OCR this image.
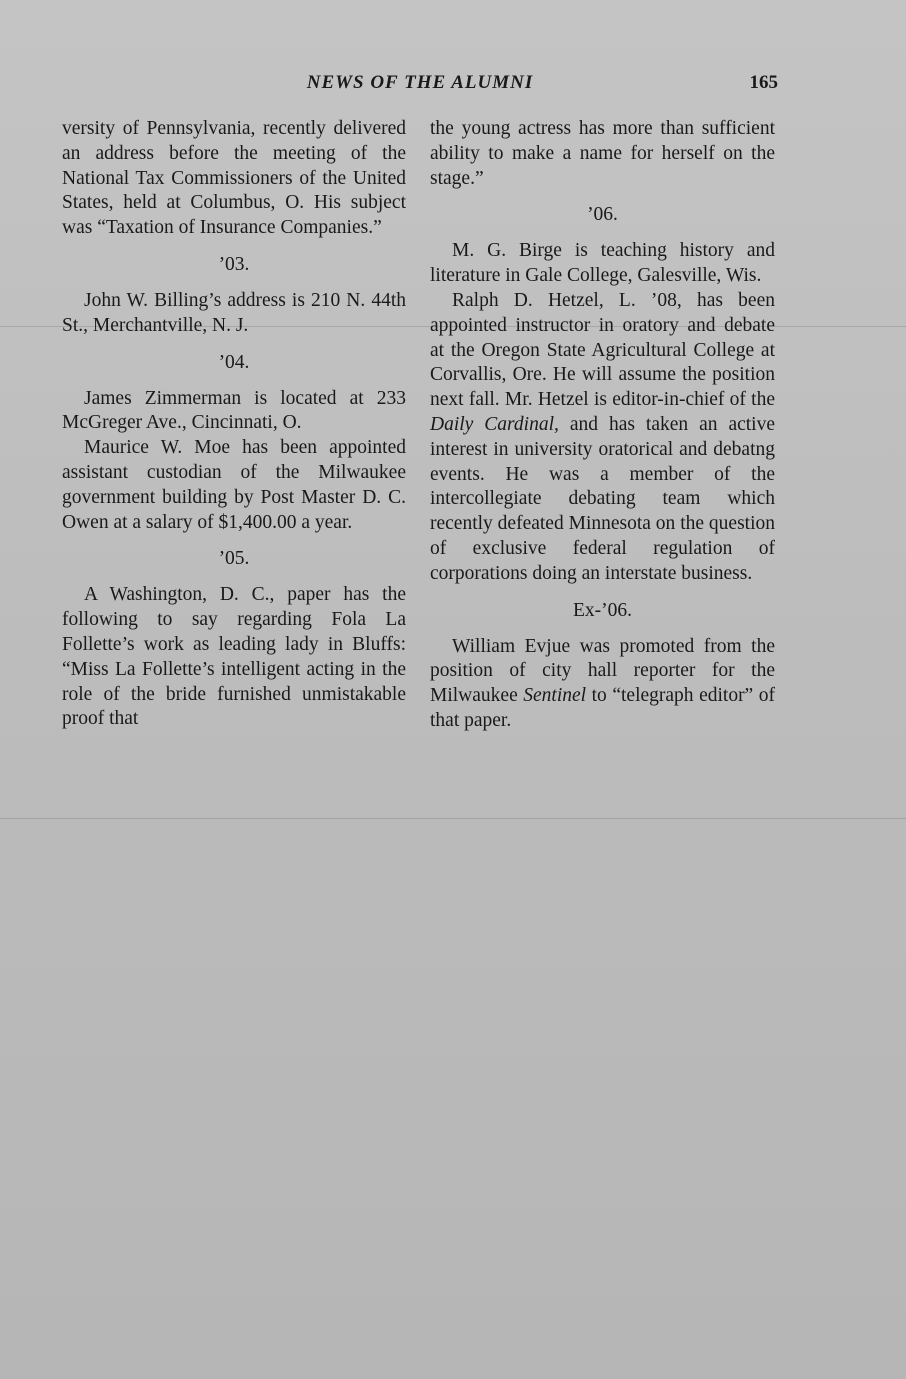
NEWS OF THE ALUMNI	165

versity of Pennsylvania, recently delivered an address before the meeting of the National Tax Commissioners of the United States, held at Columbus, O. His subject was “Taxation of Insurance Companies.”

’03.

John W. Billing’s address is 210 N. 44th St., Merchantville, N. J.

’04.

James Zimmerman is located at 233 McGreger Ave., Cincinnati, O.

Maurice W. Moe has been appointed assistant custodian of the Milwaukee government building by Post Master D. C. Owen at a salary of $1,400.00 a year.

’05.

A Washington, D. C., paper has the following to say regarding Fola La Follette’s work as leading lady in Bluffs: “Miss La Follette’s intelligent acting in the role of the bride furnished unmistakable proof that

the young actress has more than sufficient ability to make a name for herself on the stage.”

’06.

M. G. Birge is teaching history and literature in Gale College, Galesville, Wis.

Ralph D. Hetzel, L. ’08, has been appointed instructor in oratory and debate at the Oregon State Agricultural College at Corvallis, Ore. He will assume the position next fall. Mr. Hetzel is editor-in-chief of the Daily Cardinal, and has taken an active interest in university oratorical and debatng events. He was a member of the intercollegiate debating team which recently defeated Minnesota on the question of exclusive federal regulation of corporations doing an interstate business.

Ex-’06.

William Evjue was promoted from the position of city hall reporter for the Milwaukee Sentinel to “telegraph editor” of that paper.
